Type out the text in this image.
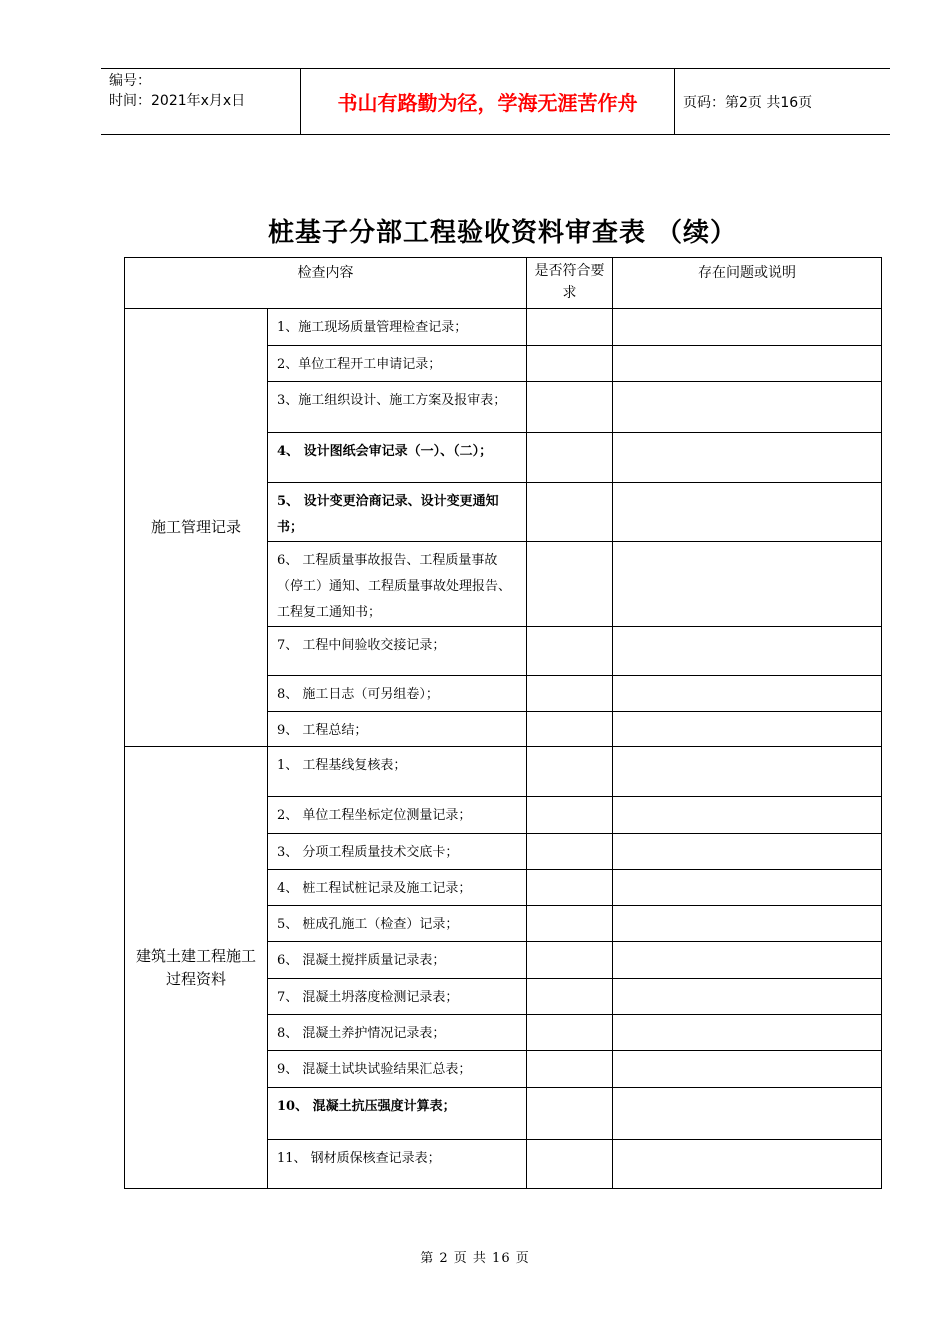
编号：
时间：2021年x月x日	书山有路勤为径，学海无涯苦作舟	页码：第2页 共16页
桩基子分部工程验收资料审查表 （续）
检查内容		是否符合要求	存在问题或说明

施工管理记录	1、施工现场质量管理检查记录；		
	2、单位工程开工申请记录；		
	3、施工组织设计、施工方案及报审表；		
	4、 设计图纸会审记录（一）、（二）；		
	5、 设计变更洽商记录、设计变更通知书；		
	6、 工程质量事故报告、工程质量事故（停工）通知、工程质量事故处理报告、工程复工通知书；		
	7、 工程中间验收交接记录；		
	8、 施工日志（可另组卷）；		
	9、 工程总结；		
建筑土建工程施工过程资料	1、 工程基线复核表；		
	2、 单位工程坐标定位测量记录；		
	3、 分项工程质量技术交底卡；		
	4、 桩工程试桩记录及施工记录；		
	5、 桩成孔施工（检查）记录；		
	6、 混凝土搅拌质量记录表；		
	7、 混凝土坍落度检测记录表；		
	8、 混凝土养护情况记录表；		
	9、 混凝土试块试验结果汇总表；		
	10、 混凝土抗压强度计算表；		
	11、 钢材质保核查记录表；		
第 2 页 共 16 页
